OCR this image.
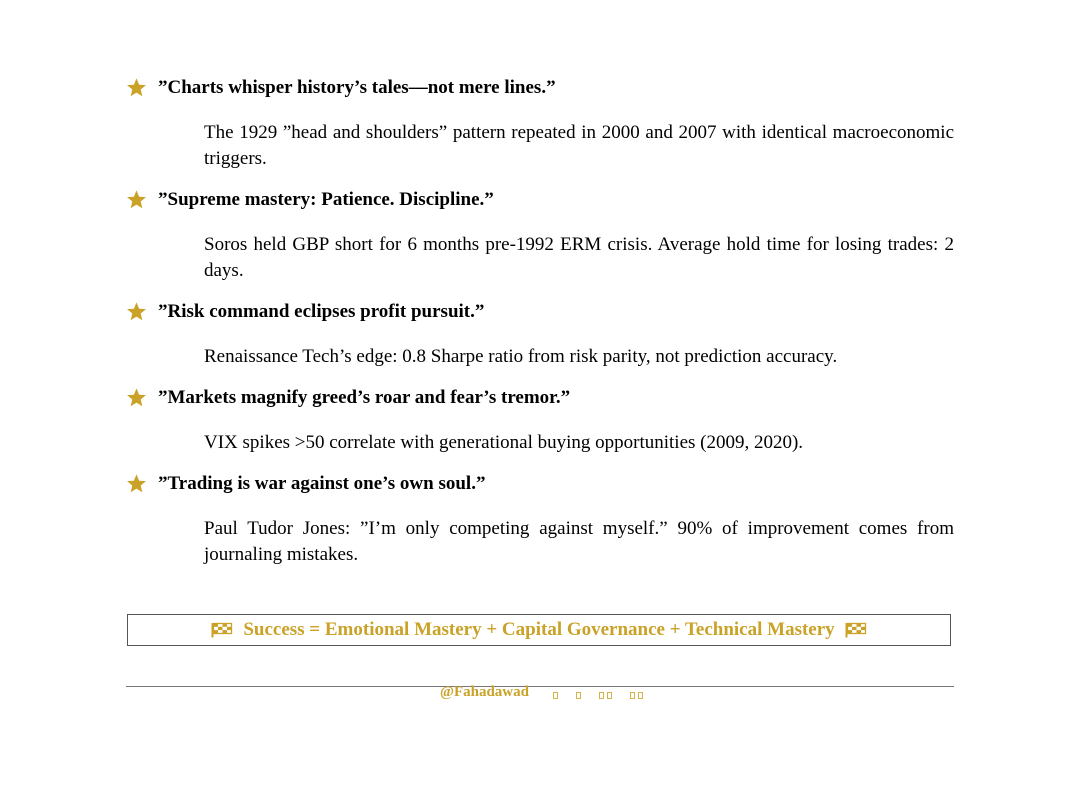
”Charts whisper history’s tales—not mere lines.”
The 1929 ”head and shoulders” pattern repeated in 2000 and 2007 with identical macroeconomic triggers.
”Supreme mastery: Patience. Discipline.”
Soros held GBP short for 6 months pre-1992 ERM crisis. Average hold time for losing trades: 2 days.
”Risk command eclipses profit pursuit.”
Renaissance Tech’s edge: 0.8 Sharpe ratio from risk parity, not prediction accuracy.
”Markets magnify greed’s roar and fear’s tremor.”
VIX spikes >50 correlate with generational buying opportunities (2009, 2020).
”Trading is war against one’s own soul.”
Paul Tudor Jones: ”I’m only competing against myself.” 90% of improvement comes from journaling mistakes.
Success = Emotional Mastery + Capital Governance + Technical Mastery
@Fahadawad
